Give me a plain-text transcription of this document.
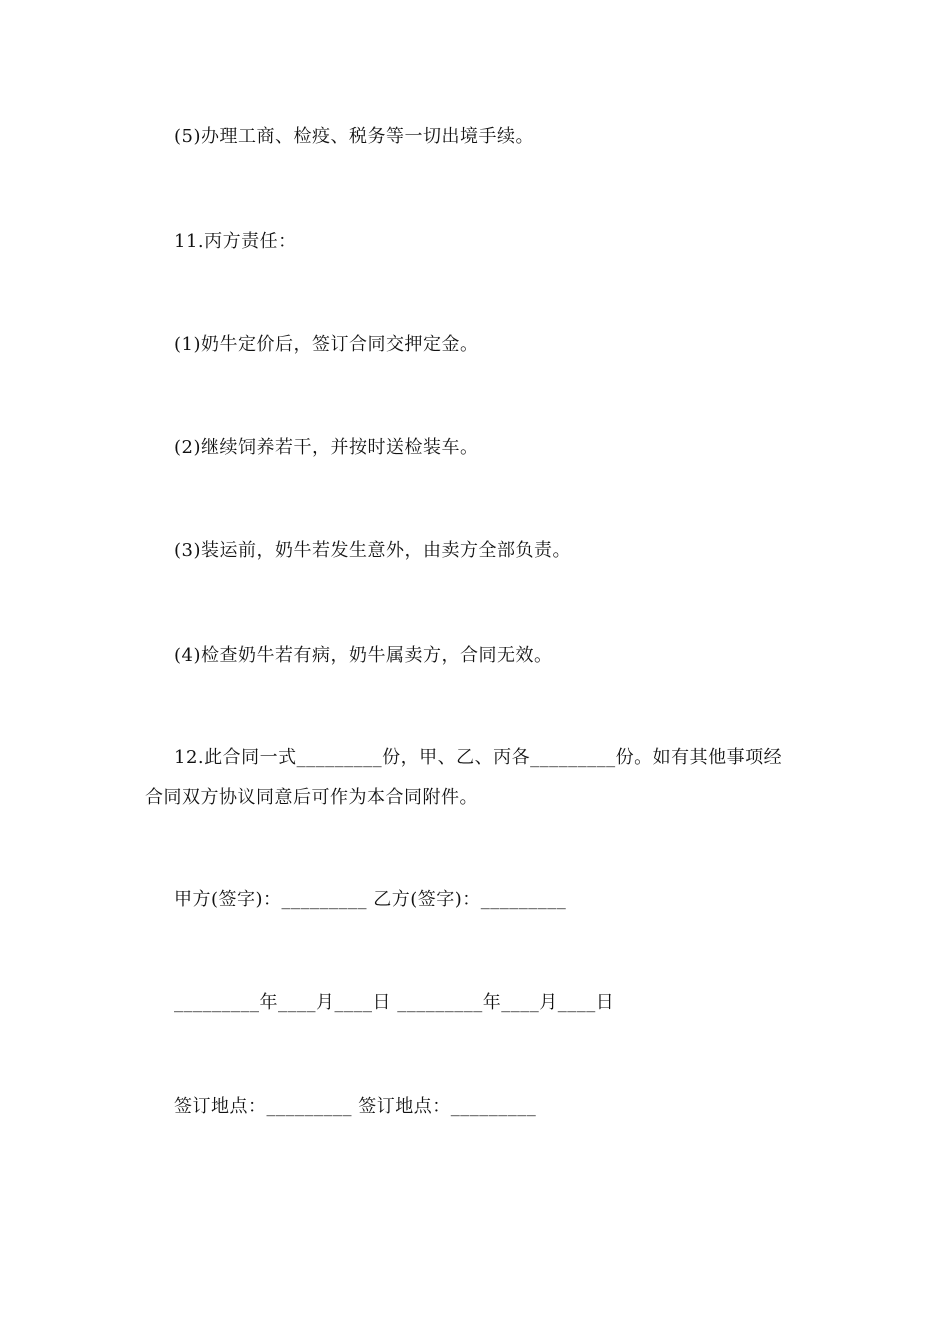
(5)办理工商、检疫、税务等一切出境手续。
11.丙方责任：
(1)奶牛定价后，签订合同交押定金。
(2)继续饲养若干，并按时送检装车。
(3)装运前，奶牛若发生意外，由卖方全部负责。
(4)检查奶牛若有病，奶牛属卖方，合同无效。
12.此合同一式_________份，甲、乙、丙各_________份。如有其他事项经
合同双方协议同意后可作为本合同附件。
甲方(签字)：_________ 乙方(签字)：_________
_________年____月____日 _________年____月____日
签订地点：_________ 签订地点：_________
